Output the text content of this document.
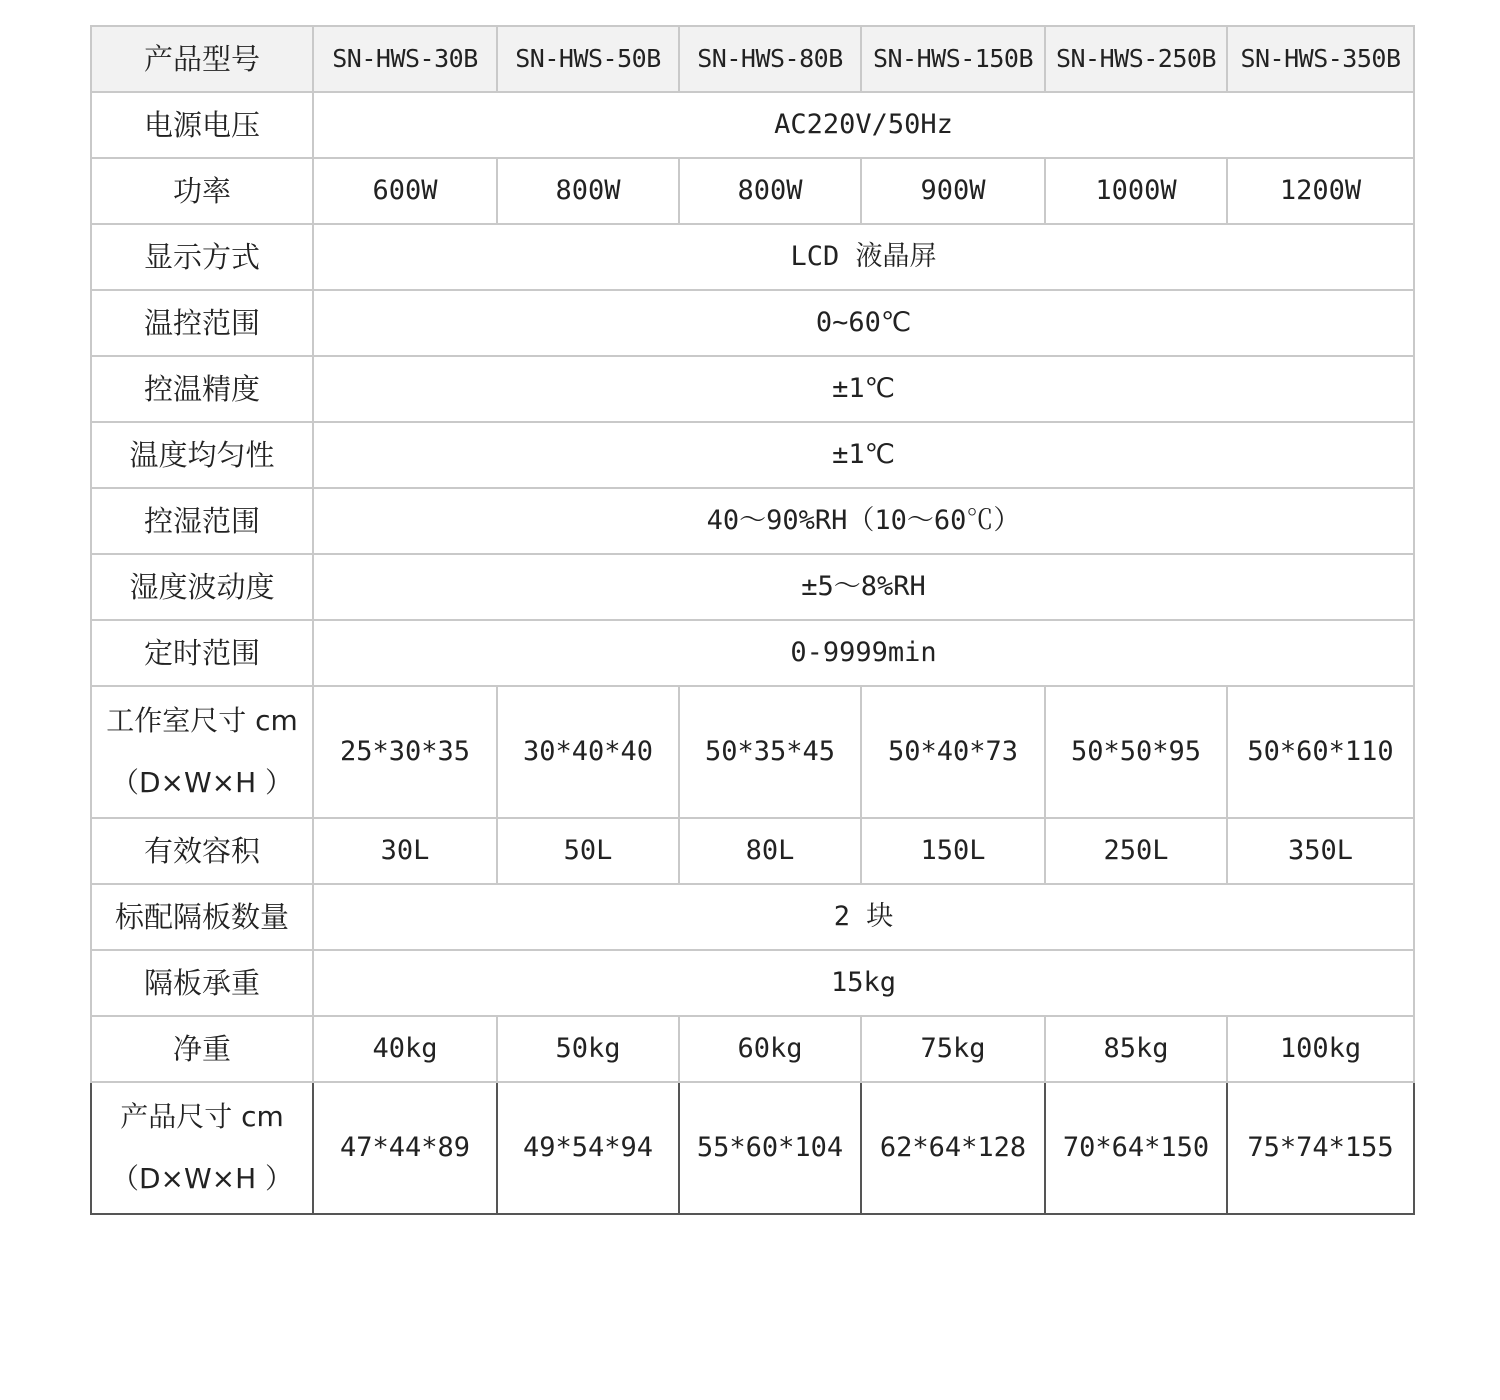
产品型号	SN-HWS-30B	SN-HWS-50B	SN-HWS-80B	SN-HWS-150B	SN-HWS-250B	SN-HWS-350B
电源电压	AC220V/50Hz					
功率	600W	800W	800W	900W	1000W	1200W
显示方式	LCD 液晶屏					
温控范围	0~60℃					
控温精度	±1℃					
温度均匀性	±1℃					
控湿范围	40～90%RH（10～60℃）					
湿度波动度	±5～8%RH					
定时范围	0-9999min					

工作室尺寸 cm
（D×W×H ）	25*30*35	30*40*40	50*35*45	50*40*73	50*50*95	50*60*110
有效容积	30L	50L	80L	150L	250L	350L
标配隔板数量	2 块					
隔板承重	15kg					
净重	40kg	50kg	60kg	75kg	85kg	100kg

产品尺寸 cm
（D×W×H ）	47*44*89	49*54*94	55*60*104	62*64*128	70*64*150	75*74*155
